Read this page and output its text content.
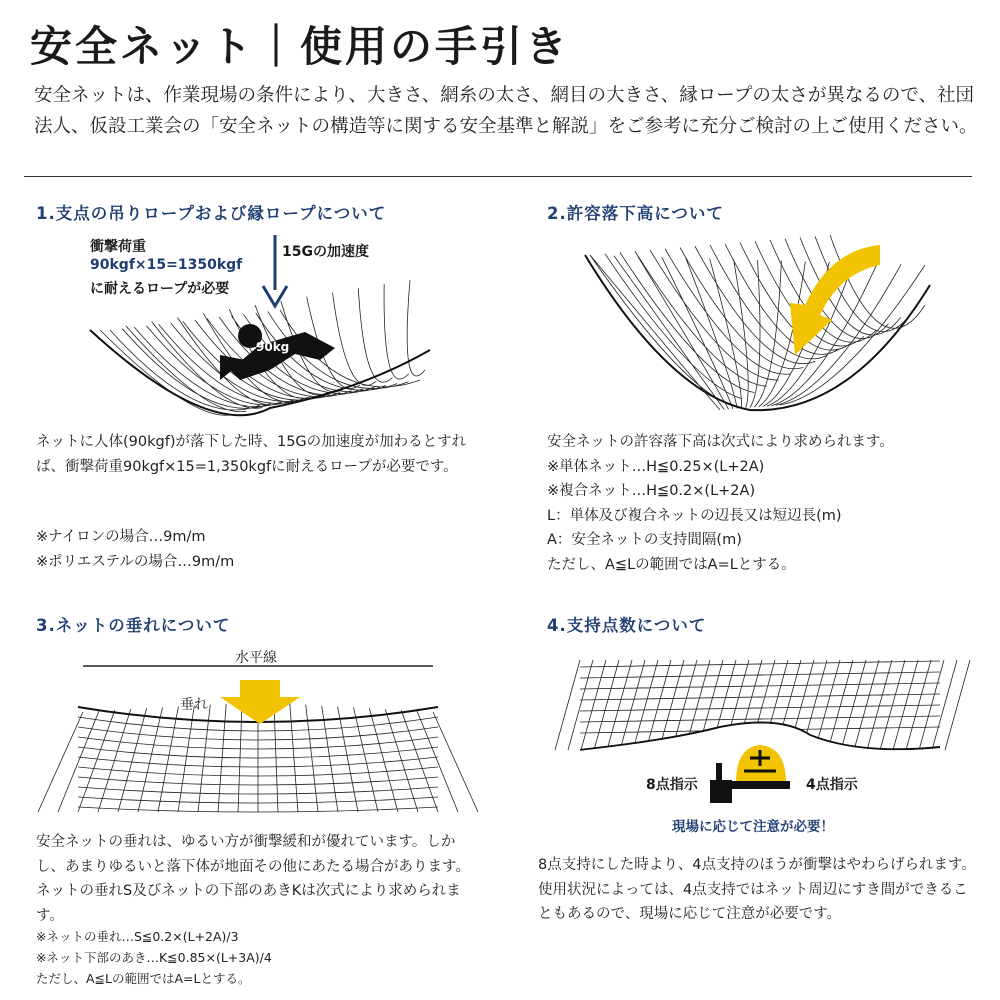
安全ネット｜使用の手引き
安全ネットは、作業現場の条件により、大きさ、網糸の太さ、網目の大きさ、縁ロープの太さが異なるので、社団法人、仮設工業会の「安全ネットの構造等に関する安全基準と解説」をご参考に充分ご検討の上ご使用ください。
1.支点の吊りロープおよび縁ロープについて
衝撃荷重
90kgf×15=1350kgf
に耐えるロープが必要
15Gの加速度
90kg
ネットに人体(90kgf)が落下した時、15Gの加速度が加わるとすれば、衝撃荷重90kgf×15=1,350kgfに耐えるロープが必要です。
※ナイロンの場合…9m/m
※ポリエステルの場合…9m/m
2.許容落下高について
安全ネットの許容落下高は次式により求められます。
※単体ネット…H≦0.25×(L+2A)
※複合ネット…H≦0.2×(L+2A)
L：単体及び複合ネットの辺長又は短辺長(m)
A：安全ネットの支持間隔(m)
ただし、A≦Lの範囲ではA=Lとする。
3.ネットの垂れについて
水平線
垂れ
安全ネットの垂れは、ゆるい方が衝撃緩和が優れています。しかし、あまりゆるいと落下体が地面その他にあたる場合があります。ネットの垂れS及びネットの下部のあきKは次式により求められます。
※ネットの垂れ…S≦0.2×(L+2A)/3
※ネット下部のあき…K≦0.85×(L+3A)/4
ただし、A≦Lの範囲ではA=Lとする。
4.支持点数について
8点指示	4点指示
現場に応じて注意が必要！
8点支持にした時より、4点支持のほうが衝撃はやわらげられます。使用状況によっては、4点支持ではネット周辺にすき間ができることもあるので、現場に応じて注意が必要です。
